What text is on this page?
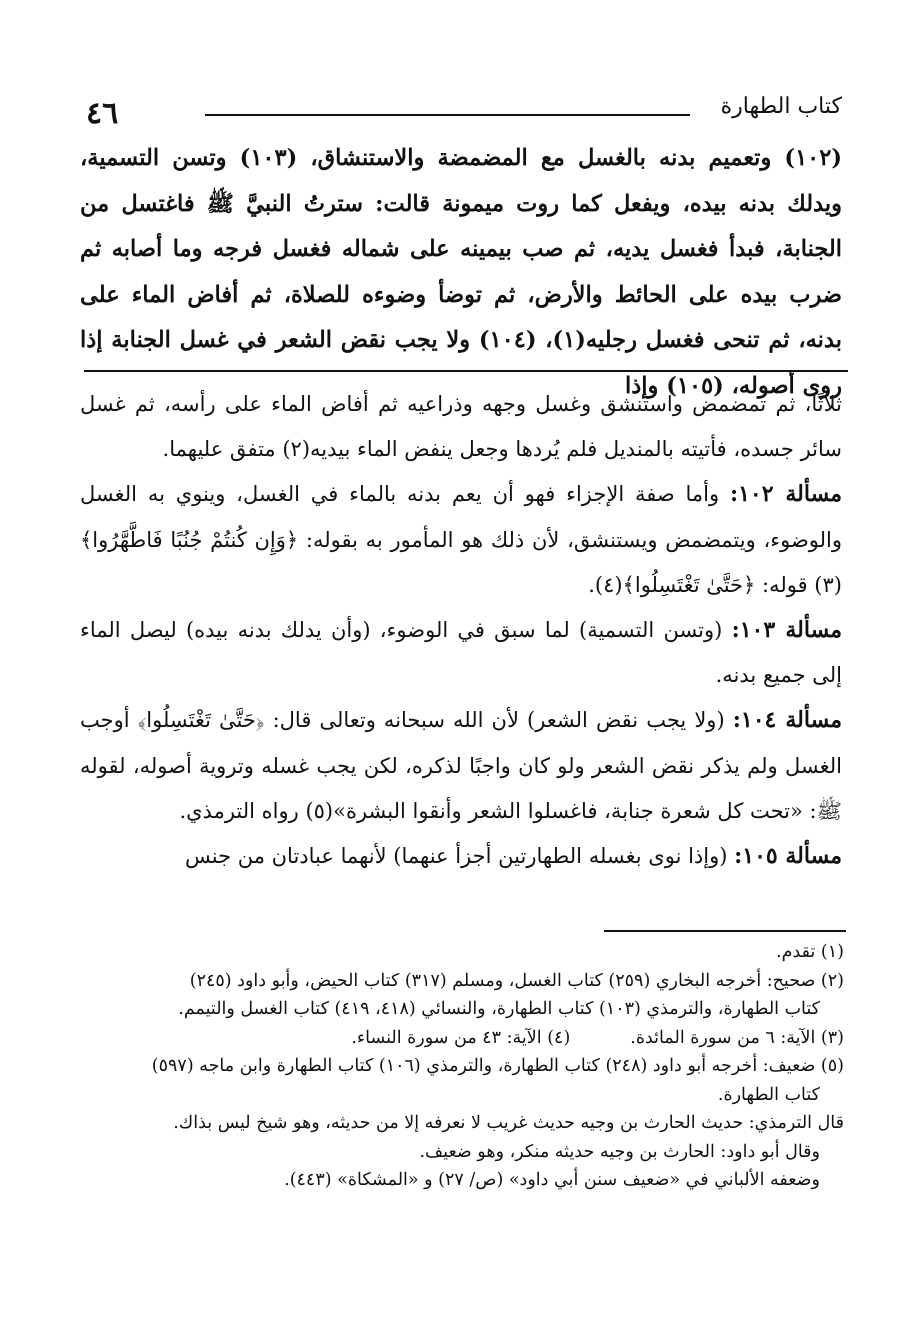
كتاب الطهارة
٤٦
(١٠٢) وتعميم بدنه بالغسل مع المضمضة والاستنشاق، (١٠٣) وتسن التسمية، ويدلك بدنه بيده، ويفعل كما روت ميمونة قالت: سترتُ النبيَّ ﷺ فاغتسل من الجنابة، فبدأ فغسل يديه، ثم صب بيمينه على شماله فغسل فرجه وما أصابه ثم ضرب بيده على الحائط والأرض، ثم توضأ وضوءه للصلاة، ثم أفاض الماء على بدنه، ثم تنحى فغسل رجليه(١)، (١٠٤) ولا يجب نقض الشعر في غسل الجنابة إذا روى أصوله، (١٠٥) وإذا

ثلاثًا، ثم تمضمض واستنشق وغسل وجهه وذراعيه ثم أفاض الماء على رأسه، ثم غسل سائر جسده، فأتيته بالمنديل فلم يُردها وجعل ينفض الماء بيديه(٢) متفق عليهما.

مسألة ١٠٢: وأما صفة الإجزاء فهو أن يعم بدنه بالماء في الغسل، وينوي به الغسل والوضوء، ويتمضمض ويستنشق، لأن ذلك هو المأمور به بقوله: ﴿وَإِن كُنتُمْ جُنُبًا فَاطَّهَّرُوا﴾(٣) قوله: ﴿حَتَّىٰ تَغْتَسِلُوا﴾(٤).

مسألة ١٠٣: (وتسن التسمية) لما سبق في الوضوء، (وأن يدلك بدنه بيده) ليصل الماء إلى جميع بدنه.

مسألة ١٠٤: (ولا يجب نقض الشعر) لأن الله سبحانه وتعالى قال: ﴿حَتَّىٰ تَغْتَسِلُوا﴾ أوجب الغسل ولم يذكر نقض الشعر ولو كان واجبًا لذكره، لكن يجب غسله وتروية أصوله، لقوله ﷺ: «تحت كل شعرة جنابة، فاغسلوا الشعر وأنقوا البشرة»(٥) رواه الترمذي.

مسألة ١٠٥: (وإذا نوى بغسله الطهارتين أجزأ عنهما) لأنهما عبادتان من جنس

(١) تقدم.

(٢) صحيح: أخرجه البخاري (٢٥٩) كتاب الغسل، ومسلم (٣١٧) كتاب الحيض، وأبو داود (٢٤٥)

كتاب الطهارة، والترمذي (١٠٣) كتاب الطهارة، والنسائي (٤١٨، ٤١٩) كتاب الغسل والتيمم.

(٣) الآية: ٦ من سورة المائدة.
(٤) الآية: ٤٣ من سورة النساء.

(٥) ضعيف: أخرجه أبو داود (٢٤٨) كتاب الطهارة، والترمذي (١٠٦) كتاب الطهارة وابن ماجه (٥٩٧)

كتاب الطهارة.

قال الترمذي: حديث الحارث بن وجيه حديث غريب لا نعرفه إلا من حديثه، وهو شيخ ليس بذاك.

وقال أبو داود: الحارث بن وجيه حديثه منكر، وهو ضعيف.

وضعفه الألباني في «ضعيف سنن أبي داود» (ص/ ٢٧) و «المشكاة» (٤٤٣).
